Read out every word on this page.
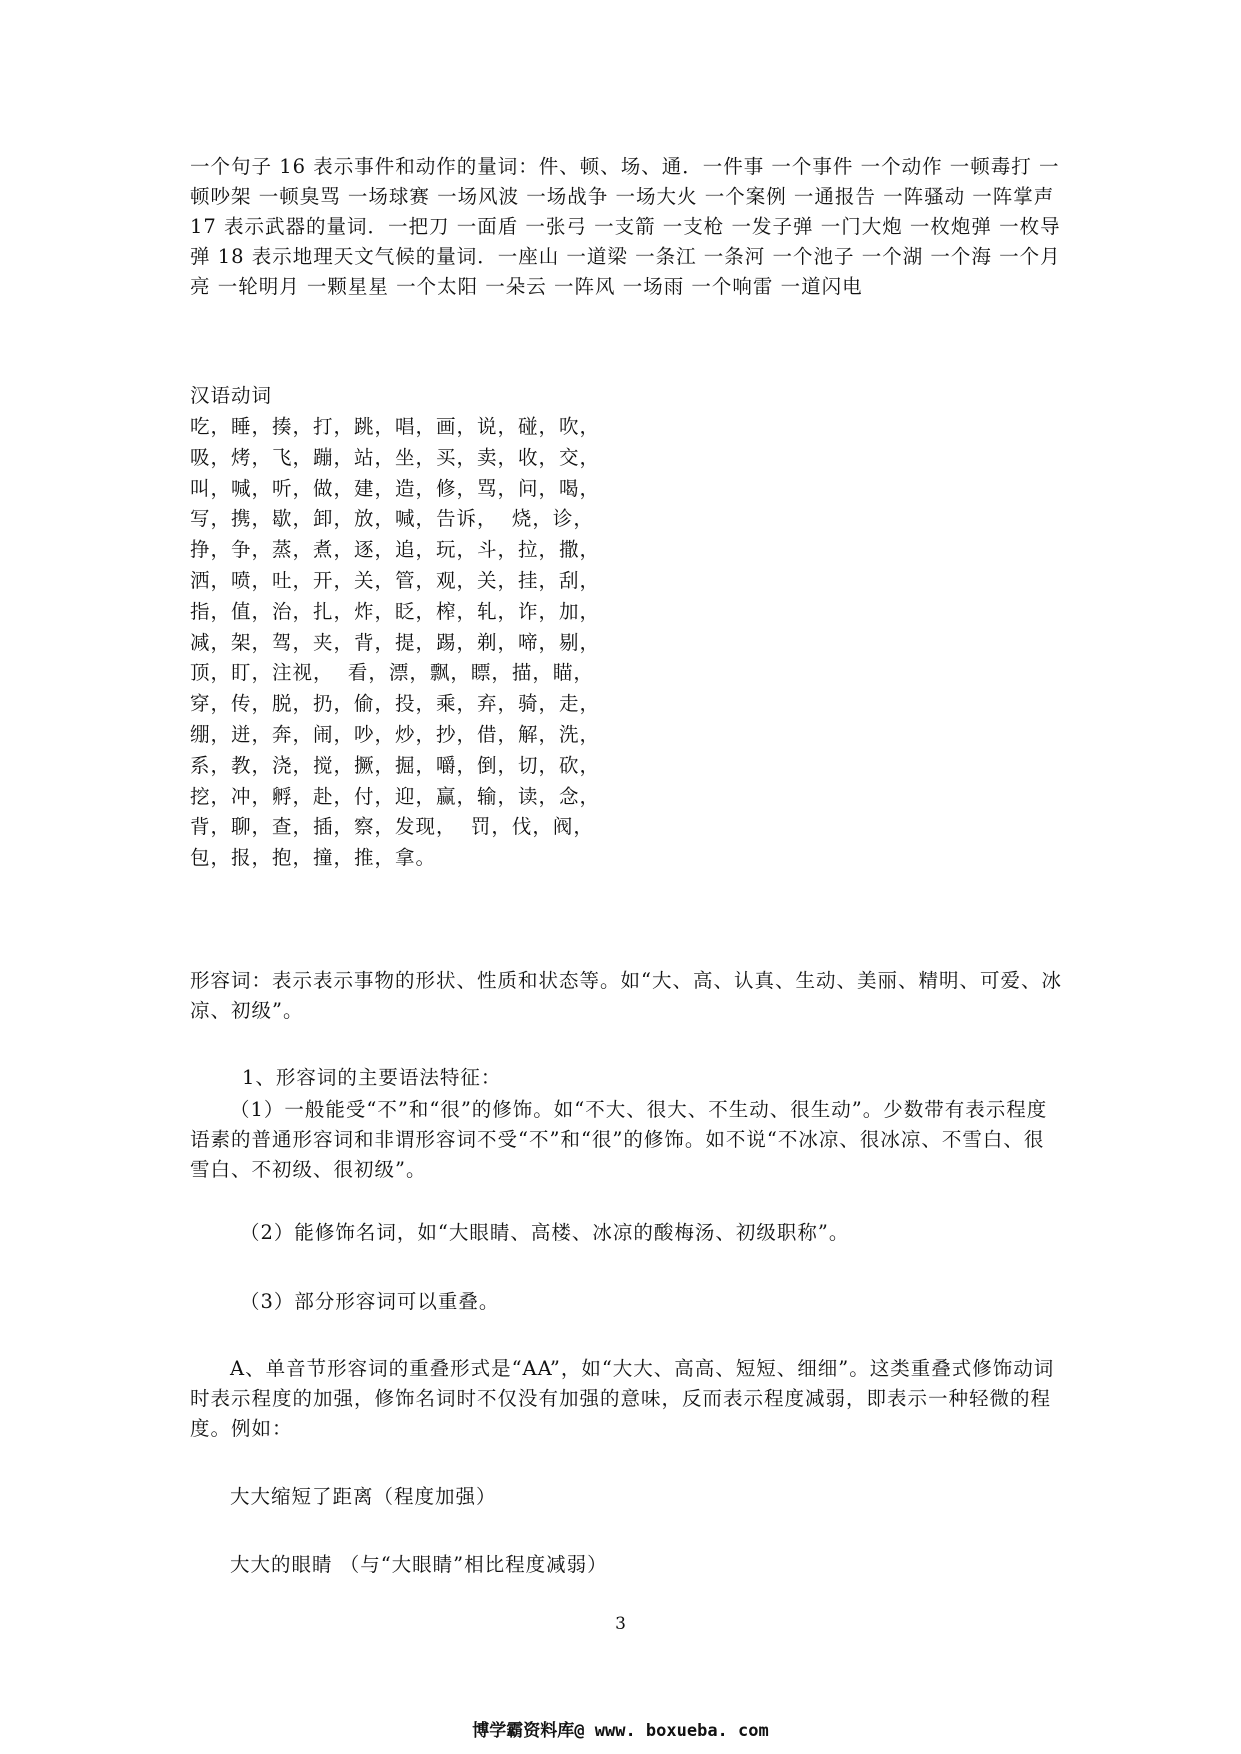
一个句子 16 表示事件和动作的量词：件、顿、场、通．一件事 一个事件 一个动作 一顿毒打 一顿吵架 一顿臭骂 一场球赛 一场风波 一场战争 一场大火 一个案例 一通报告 一阵骚动 一阵掌声 17 表示武器的量词．一把刀 一面盾 一张弓 一支箭 一支枪 一发子弹 一门大炮 一枚炮弹 一枚导弹 18 表示地理天文气候的量词．一座山 一道梁 一条江 一条河 一个池子 一个湖 一个海 一个月亮 一轮明月 一颗星星 一个太阳 一朵云 一阵风 一场雨 一个响雷 一道闪电

汉语动词

吃，睡，揍，打，跳，唱，画，说，碰，吹，
吸，烤，飞，蹦，站，坐，买，卖，收，交，
叫，喊，听，做，建，造，修，骂，问，喝，
写，携，歇，卸，放，喊，告诉，  烧，诊，
挣，争，蒸，煮，逐，追，玩，斗，拉，撒，
洒，喷，吐，开，关，管，观，关，挂，刮，
指，值，治，扎，炸，眨，榨，轧，诈，加，
减，架，驾，夹，背，提，踢，剃，啼，剔，
顶，盯，注视，  看，漂，飘，瞟，描，瞄，
穿，传，脱，扔，偷，投，乘，弃，骑，走，
绷，迸，奔，闹，吵，炒，抄，借，解，洗，
系，教，浇，搅，撅，掘，嚼，倒，切，砍，
挖，冲，孵，赴，付，迎，赢，输，读，念，
背，聊，查，插，察，发现，  罚，伐，阀，
包，报，抱，撞，推，拿。

形容词：表示表示事物的形状、性质和状态等。如“大、高、认真、生动、美丽、精明、可爱、冰凉、初级”。

1、形容词的主要语法特征：

（1）一般能受“不”和“很”的修饰。如“不大、很大、不生动、很生动”。少数带有表示程度语素的普通形容词和非谓形容词不受“不”和“很”的修饰。如不说“不冰凉、很冰凉、不雪白、很雪白、不初级、很初级”。

（2）能修饰名词，如“大眼睛、高楼、冰凉的酸梅汤、初级职称”。

（3）部分形容词可以重叠。

A、单音节形容词的重叠形式是“AA”，如“大大、高高、短短、细细”。这类重叠式修饰动词时表示程度的加强，修饰名词时不仅没有加强的意味，反而表示程度减弱，即表示一种轻微的程度。例如：

大大缩短了距离（程度加强）

大大的眼睛 （与“大眼睛”相比程度减弱）

3
博学霸资料库@ www. boxueba. com
